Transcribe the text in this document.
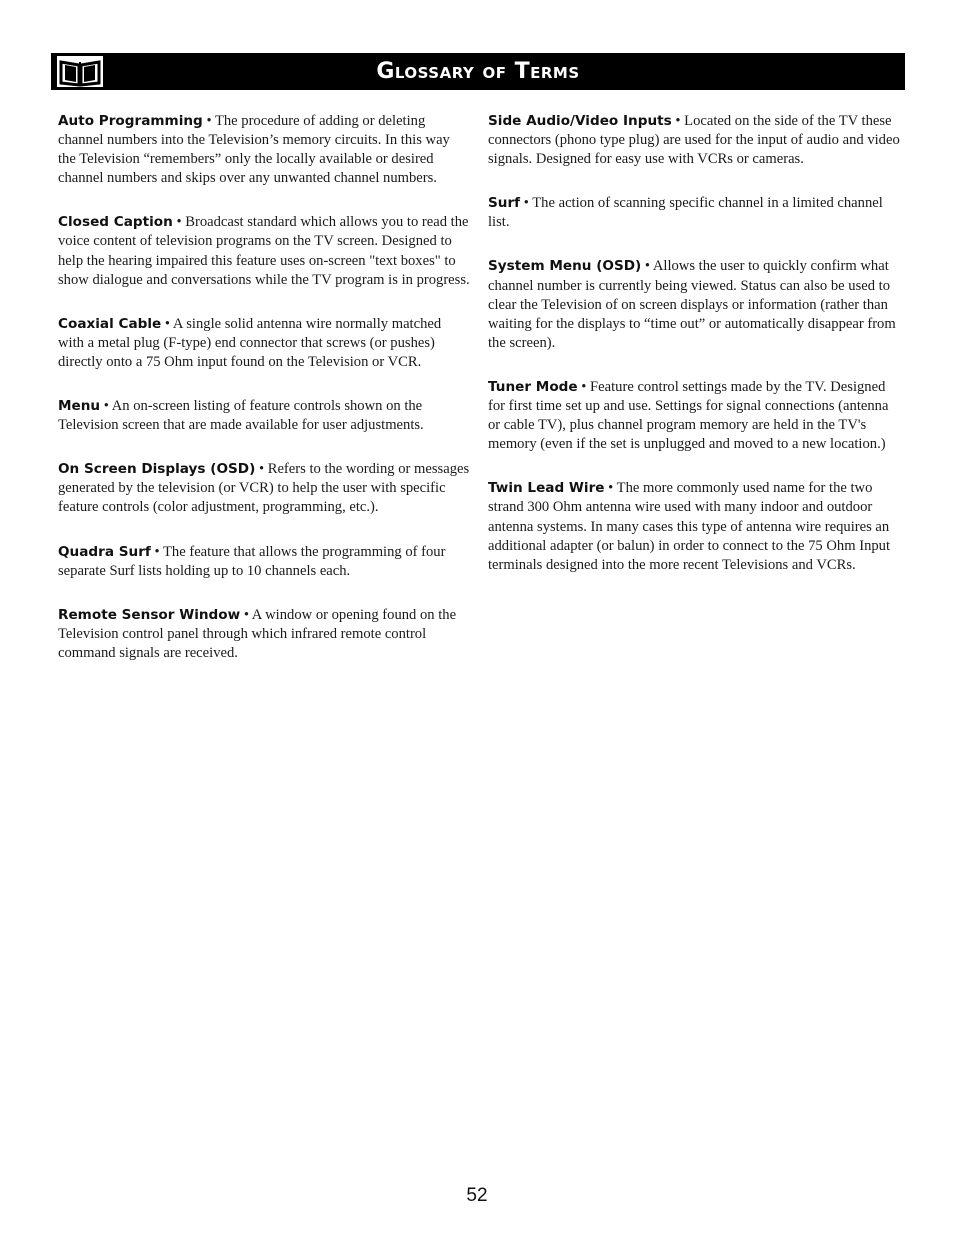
Glossary of Terms

Auto Programming • The procedure of adding or deleting channel numbers into the Television’s memory circuits. In this way the Television “remembers” only the locally available or desired channel numbers and skips over any unwanted channel numbers.

Closed Caption • Broadcast standard which allows you to read the voice content of television programs on the TV screen. Designed to help the hearing impaired this feature uses on-screen "text boxes" to show dialogue and conversations while the TV program is in progress.

Coaxial Cable • A single solid antenna wire normally matched with a metal plug (F-type) end connector that screws (or pushes) directly onto a 75 Ohm input found on the Television or VCR.

Menu • An on-screen listing of feature controls shown on the Television screen that are made available for user adjustments.

On Screen Displays (OSD) • Refers to the wording or messages generated by the television (or VCR) to help the user with specific feature controls (color adjustment, programming, etc.).

Quadra Surf • The feature that allows the programming of four separate Surf lists holding up to 10 channels each.

Remote Sensor Window • A window or opening found on the Television control panel through which infrared remote control command signals are received.

Side Audio/Video Inputs • Located on the side of the TV these connectors (phono type plug) are used for the input of audio and video signals. Designed for easy use with VCRs or cameras.

Surf • The action of scanning specific channel in a limited channel list.

System Menu (OSD) • Allows the user to quickly confirm what channel number is currently being viewed. Status can also be used to clear the Television of on screen displays or information (rather than waiting for the displays to “time out” or automatically disappear from the screen).

Tuner Mode • Feature control settings made by the TV. Designed for first time set up and use. Settings for signal connections (antenna or cable TV), plus channel program memory are held in the TV's memory (even if the set is unplugged and moved to a new location.)

Twin Lead Wire • The more commonly used name for the two strand 300 Ohm antenna wire used with many indoor and outdoor antenna systems. In many cases this type of antenna wire requires an additional adapter (or balun) in order to connect to the 75 Ohm Input terminals designed into the more recent Televisions and VCRs.

52
